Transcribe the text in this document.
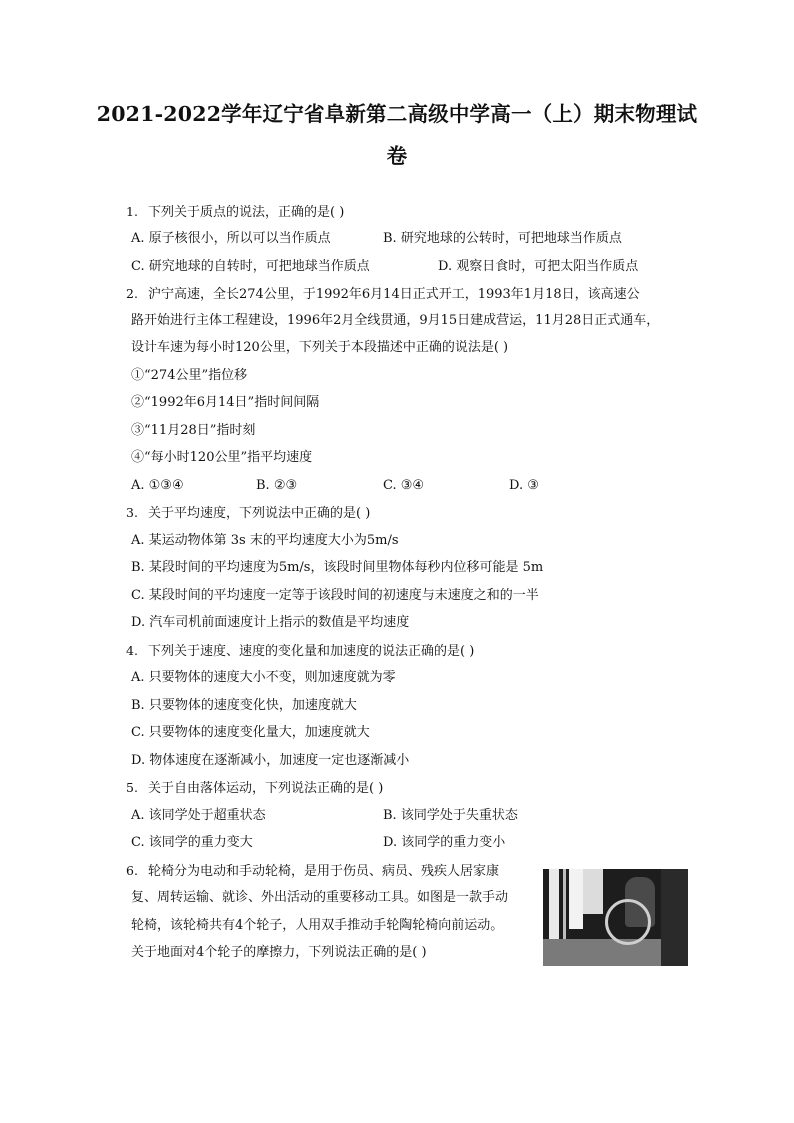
2021-2022学年辽宁省阜新第二高级中学高一（上）期末物理试
卷
1. 下列关于质点的说法，正确的是( )
A. 原子核很小，所以可以当作质点	B. 研究地球的公转时，可把地球当作质点
C. 研究地球的自转时，可把地球当作质点	D. 观察日食时，可把太阳当作质点
2. 沪宁高速，全长274公里，于1992年6月14日正式开工，1993年1月18日，该高速公
路开始进行主体工程建设，1996年2月全线贯通，9月15日建成营运，11月28日正式通车，
设计车速为每小时120公里，下列关于本段描述中正确的说法是( )
①“274公里”指位移
②“1992年6月14日”指时间间隔
③“11月28日”指时刻
④“每小时120公里”指平均速度
A. ①③④	B. ②③	C. ③④	D. ③
3. 关于平均速度，下列说法中正确的是( )
A. 某运动物体第 3s 末的平均速度大小为5m/s
B. 某段时间的平均速度为5m/s，该段时间里物体每秒内位移可能是 5m
C. 某段时间的平均速度一定等于该段时间的初速度与末速度之和的一半
D. 汽车司机前面速度计上指示的数值是平均速度
4. 下列关于速度、速度的变化量和加速度的说法正确的是( )
A. 只要物体的速度大小不变，则加速度就为零
B. 只要物体的速度变化快，加速度就大
C. 只要物体的速度变化量大，加速度就大
D. 物体速度在逐渐减小，加速度一定也逐渐减小
5. 关于自由落体运动，下列说法正确的是( )
A. 该同学处于超重状态	B. 该同学处于失重状态
C. 该同学的重力变大	D. 该同学的重力变小
6. 轮椅分为电动和手动轮椅，是用于伤员、病员、残疾人居家康
复、周转运输、就诊、外出活动的重要移动工具。如图是一款手动
轮椅，该轮椅共有4个轮子，人用双手推动手轮陶轮椅向前运动。
关于地面对4个轮子的摩擦力，下列说法正确的是( )
